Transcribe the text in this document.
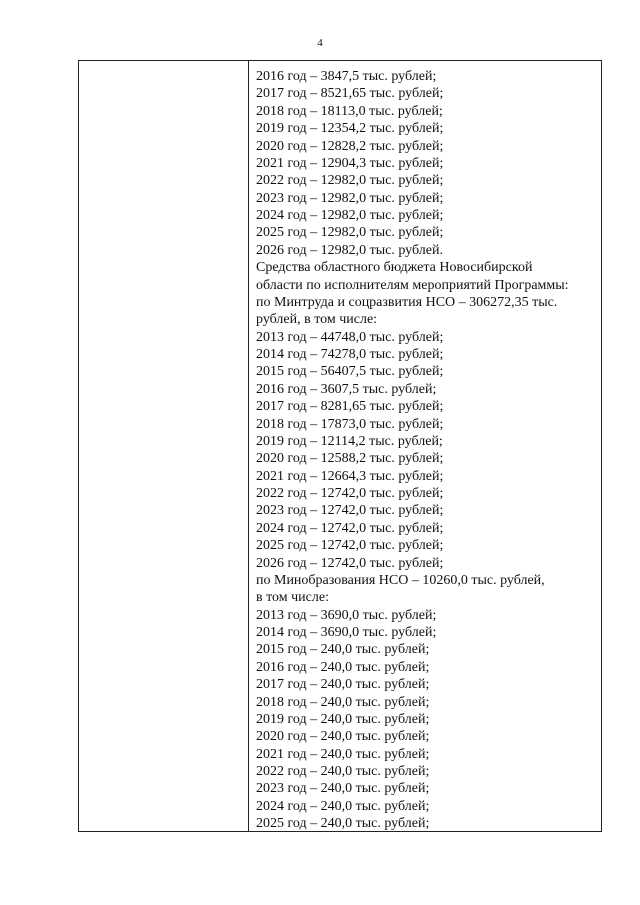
4
2016 год – 3847,5 тыс. рублей;
2017 год – 8521,65 тыс. рублей;
2018 год – 18113,0 тыс. рублей;
2019 год – 12354,2 тыс. рублей;
2020 год – 12828,2 тыс. рублей;
2021 год – 12904,3 тыс. рублей;
2022 год – 12982,0 тыс. рублей;
2023 год – 12982,0 тыс. рублей;
2024 год – 12982,0 тыс. рублей;
2025 год – 12982,0 тыс. рублей;
2026 год – 12982,0 тыс. рублей.
Средства областного бюджета Новосибирской
области по исполнителям мероприятий Программы:
по Минтруда и соцразвития НСО – 306272,35 тыс.
рублей, в том числе:
2013 год – 44748,0 тыс. рублей;
2014 год – 74278,0 тыс. рублей;
2015 год – 56407,5 тыс. рублей;
2016 год – 3607,5 тыс. рублей;
2017 год – 8281,65 тыс. рублей;
2018 год – 17873,0 тыс. рублей;
2019 год – 12114,2 тыс. рублей;
2020 год – 12588,2 тыс. рублей;
2021 год – 12664,3 тыс. рублей;
2022 год – 12742,0 тыс. рублей;
2023 год – 12742,0 тыс. рублей;
2024 год – 12742,0 тыс. рублей;
2025 год – 12742,0 тыс. рублей;
2026 год – 12742,0 тыс. рублей;
по Минобразования НСО – 10260,0 тыс. рублей,
в том числе:
2013 год – 3690,0 тыс. рублей;
2014 год – 3690,0 тыс. рублей;
2015 год – 240,0 тыс. рублей;
2016 год – 240,0 тыс. рублей;
2017 год – 240,0 тыс. рублей;
2018 год – 240,0 тыс. рублей;
2019 год – 240,0 тыс. рублей;
2020 год – 240,0 тыс. рублей;
2021 год – 240,0 тыс. рублей;
2022 год – 240,0 тыс. рублей;
2023 год – 240,0 тыс. рублей;
2024 год – 240,0 тыс. рублей;
2025 год – 240,0 тыс. рублей;
